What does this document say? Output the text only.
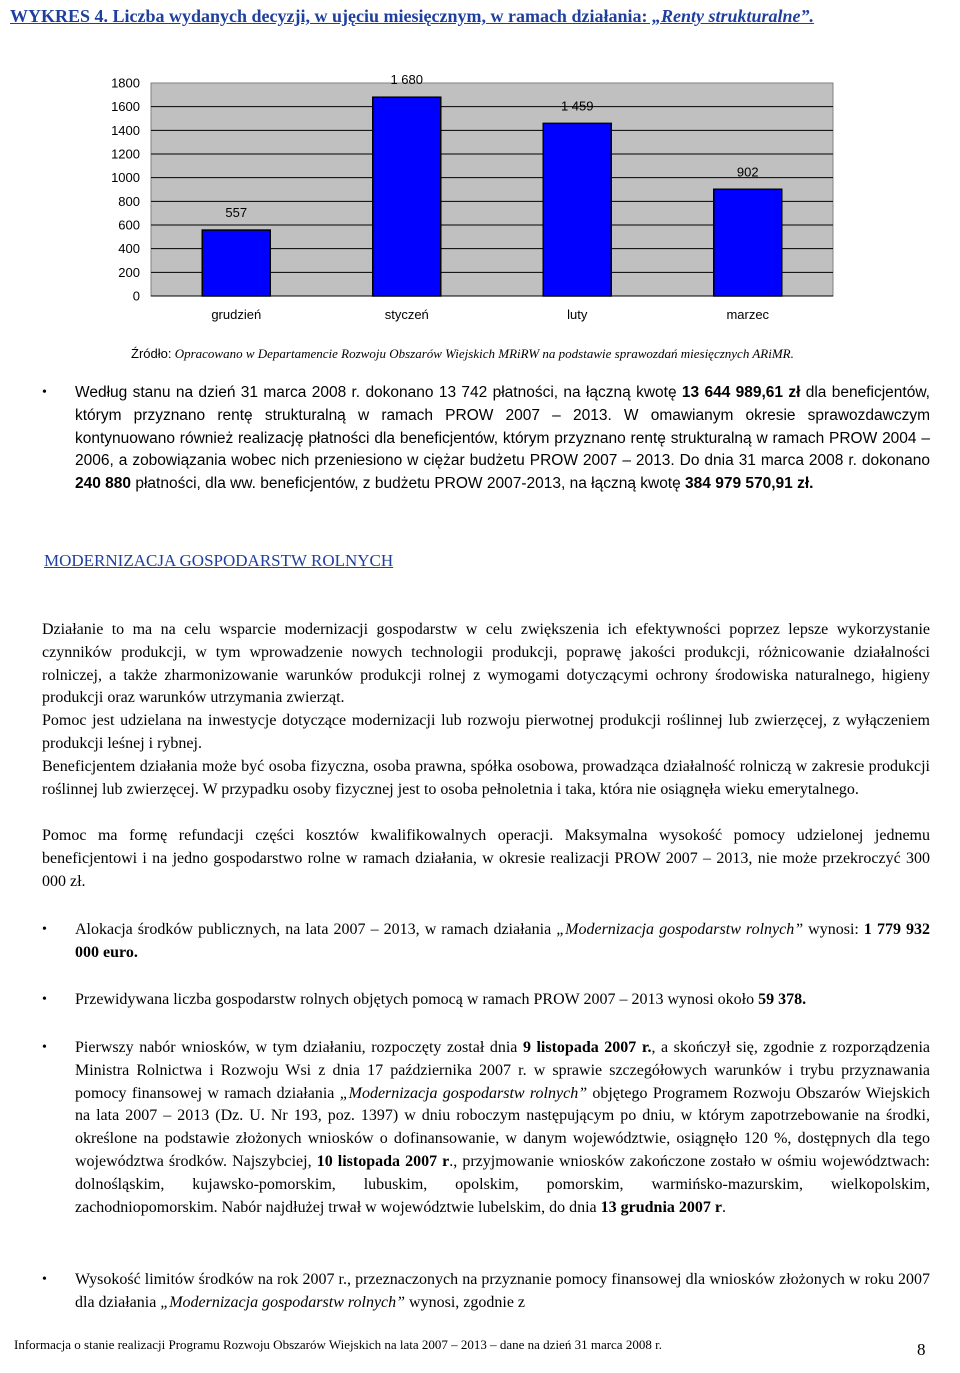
WYKRES 4. Liczba wydanych decyzji, w ujęciu miesięcznym, w ramach działania: „Renty strukturalne”.
0
200
400
600
800
1000
1200
1400
1600
1800
557
1 680
1 459
902
grudzień	styczeń	luty	marzec
Źródło: Opracowano w Departamencie Rozwoju Obszarów Wiejskich MRiRW na podstawie sprawozdań miesięcznych ARiMR.
• Według stanu na dzień 31 marca 2008 r. dokonano 13 742 płatności, na łączną kwotę 13 644 989,61 zł dla beneficjentów, którym przyznano rentę strukturalną w ramach PROW 2007 – 2013. W omawianym okresie sprawozdawczym kontynuowano również realizację płatności dla beneficjentów, którym przyznano rentę strukturalną w ramach PROW 2004 – 2006, a zobowiązania wobec nich przeniesiono w ciężar budżetu PROW 2007 – 2013. Do dnia 31 marca 2008 r. dokonano 240 880 płatności, dla ww. beneficjentów, z budżetu PROW 2007-2013, na łączną kwotę 384 979 570,91 zł.
MODERNIZACJA GOSPODARSTW ROLNYCH
Działanie to ma na celu wsparcie modernizacji gospodarstw w celu zwiększenia ich efektywności poprzez lepsze wykorzystanie czynników produkcji, w tym wprowadzenie nowych technologii produkcji, poprawę jakości produkcji, różnicowanie działalności rolniczej, a także zharmonizowanie warunków produkcji rolnej z wymogami dotyczącymi ochrony środowiska naturalnego, higieny produkcji oraz warunków utrzymania zwierząt.
Pomoc jest udzielana na inwestycje dotyczące modernizacji lub rozwoju pierwotnej produkcji roślinnej lub zwierzęcej, z wyłączeniem produkcji leśnej i rybnej.
Beneficjentem działania może być osoba fizyczna, osoba prawna, spółka osobowa, prowadząca działalność rolniczą w zakresie produkcji roślinnej lub zwierzęcej. W przypadku osoby fizycznej jest to osoba pełnoletnia i taka, która nie osiągnęła wieku emerytalnego.
Pomoc ma formę refundacji części kosztów kwalifikowalnych operacji. Maksymalna wysokość pomocy udzielonej jednemu beneficjentowi i na jedno gospodarstwo rolne w ramach działania, w okresie realizacji PROW 2007 – 2013, nie może przekroczyć 300 000 zł.
• Alokacja środków publicznych, na lata 2007 – 2013, w ramach działania „Modernizacja gospodarstw rolnych” wynosi: 1 779 932 000 euro.
• Przewidywana liczba gospodarstw rolnych objętych pomocą w ramach PROW 2007 – 2013 wynosi około 59 378.
• Pierwszy nabór wniosków, w tym działaniu, rozpoczęty został dnia 9 listopada 2007 r., a skończył się, zgodnie z rozporządzenia Ministra Rolnictwa i Rozwoju Wsi z dnia 17 października 2007 r. w sprawie szczegółowych warunków i trybu przyznawania pomocy finansowej w ramach działania „Modernizacja gospodarstw rolnych” objętego Programem Rozwoju Obszarów Wiejskich na lata 2007 – 2013 (Dz. U. Nr 193, poz. 1397) w dniu roboczym następującym po dniu, w którym zapotrzebowanie na środki, określone na podstawie złożonych wniosków o dofinansowanie, w danym województwie, osiągnęło 120 %, dostępnych dla tego województwa środków. Najszybciej, 10 listopada 2007 r., przyjmowanie wniosków zakończone zostało w ośmiu województwach: dolnośląskim, kujawsko-pomorskim, lubuskim, opolskim, pomorskim, warmińsko-mazurskim, wielkopolskim, zachodniopomorskim. Nabór najdłużej trwał w województwie lubelskim, do dnia 13 grudnia 2007 r.
• Wysokość limitów środków na rok 2007 r., przeznaczonych na przyznanie pomocy finansowej dla wniosków złożonych w roku 2007 dla działania „Modernizacja gospodarstw rolnych” wynosi, zgodnie z
Informacja o stanie realizacji Programu Rozwoju Obszarów Wiejskich na lata 2007 – 2013 – dane na dzień 31 marca 2008 r.	8
